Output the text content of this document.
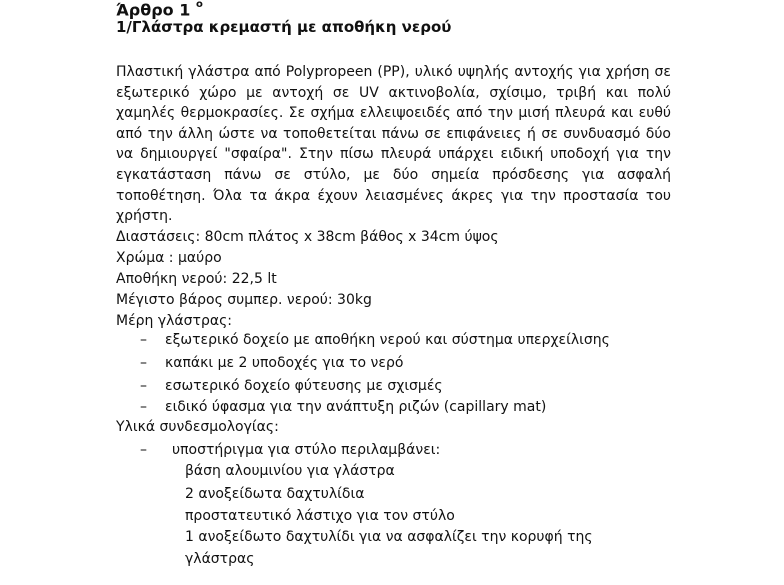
Άρθρο 1 $^o$
1/Γλάστρα κρεμαστή με αποθήκη νερού
Πλαστική γλάστρα από Polypropeen (PP), υλικό υψηλής αντοχής για χρήση σε εξωτερικό χώρο με αντοχή σε UV ακτινοβολία, σχίσιμο, τριβή και πολύ χαμηλές θερμοκρασίες. Σε σχήμα ελλειψοειδές από την μισή πλευρά και ευθύ από την άλλη ώστε να τοποθετείται πάνω σε επιφάνειες ή σε συνδυασμό δύο να δημιουργεί "σφαίρα". Στην πίσω πλευρά υπάρχει ειδική υποδοχή για την εγκατάσταση πάνω σε στύλο, με δύο σημεία πρόσδεσης για ασφαλή τοποθέτηση. Όλα τα άκρα έχουν λειασμένες άκρες για την προστασία του χρήστη.
Διαστάσεις: 80cm πλάτος x 38cm βάθος x 34cm ύψος
Χρώμα : μαύρο
Αποθήκη νερού: 22,5 lt
Μέγιστο βάρος συμπερ. νερού: 30kg
Μέρη γλάστρας:
– εξωτερικό δοχείο με αποθήκη νερού και σύστημα υπερχείλισης
– καπάκι με 2 υποδοχές για το νερό
– εσωτερικό δοχείο φύτευσης με σχισμές
– ειδικό ύφασμα για την ανάπτυξη ριζών (capillary mat)
Υλικά συνδεσμολογίας:
– υποστήριγμα για στύλο περιλαμβάνει:
βάση αλουμινίου για γλάστρα
2 ανοξείδωτα δαχτυλίδια
προστατευτικό λάστιχο για τον στύλο
1 ανοξείδωτο δαχτυλίδι για να ασφαλίζει την κορυφή της
γλάστρας
